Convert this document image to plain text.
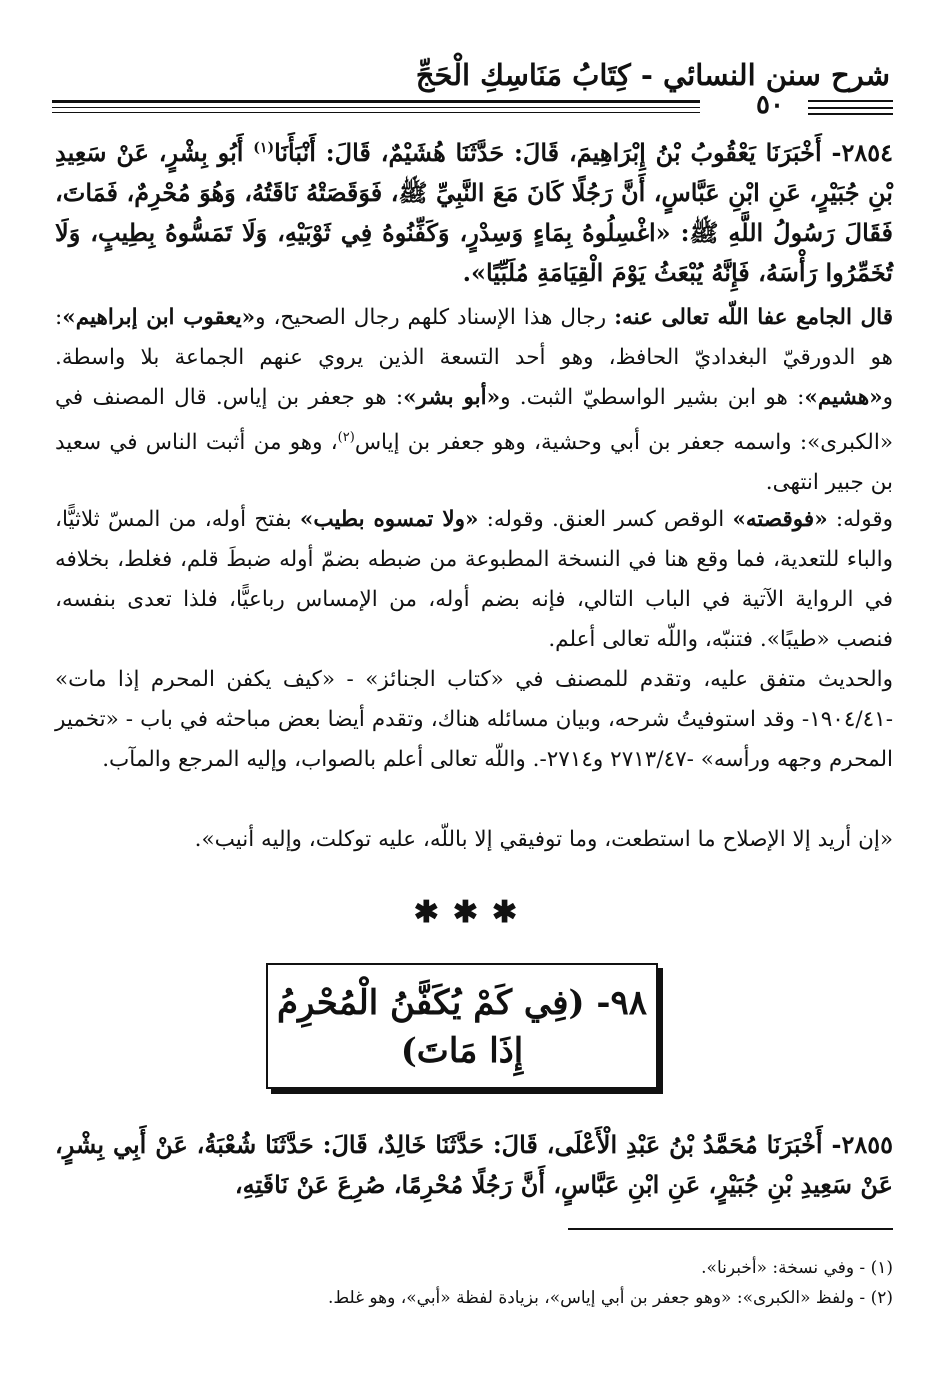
شرح سنن النسائي - كِتَابُ مَنَاسِكِ الْحَجِّ
٥٠
٢٨٥٤- أَخْبَرَنَا يَعْقُوبُ بْنُ إِبْرَاهِيمَ، قَالَ: حَدَّثَنَا هُشَيْمٌ، قَالَ: أَنْبَأَنَا$^{(١)}$ أَبُو بِشْرٍ، عَنْ سَعِيدِ بْنِ جُبَيْرٍ، عَنِ ابْنِ عَبَّاسٍ، أَنَّ رَجُلًا كَانَ مَعَ النَّبِيِّ ﷺ، فَوَقَصَتْهُ نَاقَتُهُ، وَهُوَ مُحْرِمٌ، فَمَاتَ، فَقَالَ رَسُولُ اللَّهِ ﷺ: «اغْسِلُوهُ بِمَاءٍ وَسِدْرٍ، وَكَفِّنُوهُ فِي ثَوْبَيْهِ، وَلَا تَمَسُّوهُ بِطِيبٍ، وَلَا تُخَمِّرُوا رَأْسَهُ، فَإِنَّهُ يُبْعَثُ يَوْمَ الْقِيَامَةِ مُلَبِّيًا».
قال الجامع عفا اللّه تعالى عنه: رجال هذا الإسناد كلهم رجال الصحيح، و«يعقوب ابن إبراهيم»: هو الدورقيّ البغداديّ الحافظ، وهو أحد التسعة الذين يروي عنهم الجماعة بلا واسطة. و«هشيم»: هو ابن بشير الواسطيّ الثبت. و«أبو بشر»: هو جعفر بن إياس. قال المصنف في «الكبرى»: واسمه جعفر بن أبي وحشية، وهو جعفر بن إياس$^{(٢)}$، وهو من أثبت الناس في سعيد بن جبير انتهى.
وقوله: «فوقصته» الوقص كسر العنق. وقوله: «ولا تمسوه بطيب» بفتح أوله، من المسّ ثلاثيًّا، والباء للتعدية، فما وقع هنا في النسخة المطبوعة من ضبطه بضمّ أوله ضبطَ قلم، فغلط، بخلافه في الرواية الآتية في الباب التالي، فإنه بضم أوله، من الإمساس رباعيًّا، فلذا تعدى بنفسه، فنصب «طيبًا». فتنبّه، واللّه تعالى أعلم.
والحديث متفق عليه، وتقدم للمصنف في «كتاب الجنائز» - «كيف يكفن المحرم إذا مات» -١٩٠٤/٤١- وقد استوفيتُ شرحه، وبيان مسائله هناك، وتقدم أيضا بعض مباحثه في باب - «تخمير المحرم وجهه ورأسه» -٢٧١٣/٤٧ و٢٧١٤-. واللّه تعالى أعلم بالصواب، وإليه المرجع والمآب.
«إن أريد إلا الإصلاح ما استطعت، وما توفيقي إلا باللّه، عليه توكلت، وإليه أنيب».
✱✱✱
٩٨- (فِي كَمْ يُكَفَّنُ الْمُحْرِمُ إِذَا مَاتَ)
٢٨٥٥- أَخْبَرَنَا مُحَمَّدُ بْنُ عَبْدِ الْأَعْلَى، قَالَ: حَدَّثَنَا خَالِدٌ، قَالَ: حَدَّثَنَا شُعْبَةُ، عَنْ أَبِي بِشْرٍ، عَنْ سَعِيدِ بْنِ جُبَيْرٍ، عَنِ ابْنِ عَبَّاسٍ، أَنَّ رَجُلًا مُحْرِمًا، صُرِعَ عَنْ نَاقَتِهِ،
(١) - وفي نسخة: «أخبرنا».
(٢) - ولفظ «الكبرى»: «وهو جعفر بن أبي إياس»، بزيادة لفظة «أبي»، وهو غلط.
